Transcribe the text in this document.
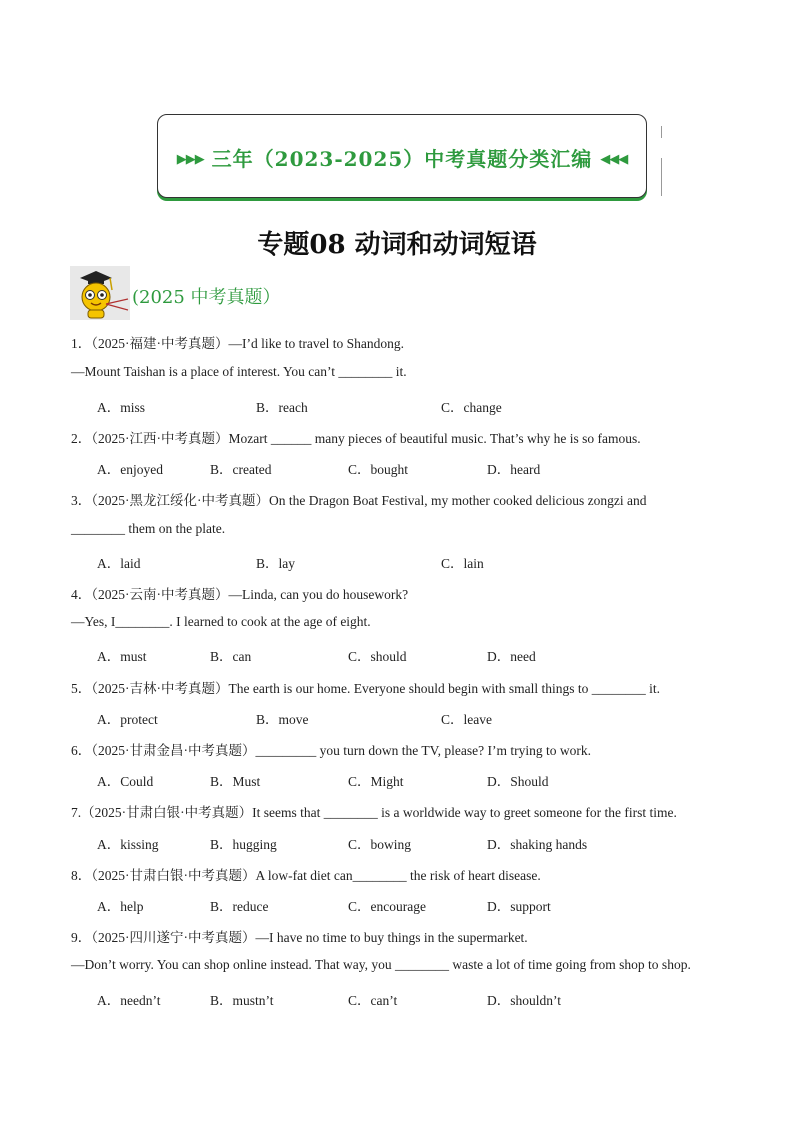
▶▶▶ 三年（2023-2025）中考真题分类汇编 ◀◀◀
专题08 动词和动词短语
(2025 中考真题）
1．（2025·福建·中考真题）—I’d like to travel to Shandong.
—Mount Taishan is a place of interest. You can’t ________ it.
A．miss	B．reach	C．change
2．（2025·江西·中考真题）Mozart ______ many pieces of beautiful music. That’s why he is so famous.
A．enjoyed	B．created	C．bought	D．heard
3．（2025·黑龙江绥化·中考真题）On the Dragon Boat Festival, my mother cooked delicious zongzi and
________ them on the plate.
A．laid	B．lay	C．lain
4．（2025·云南·中考真题）—Linda, can you do housework?
—Yes, I________. I learned to cook at the age of eight.
A．must	B．can	C．should	D．need
5．（2025·吉林·中考真题）The earth is our home. Everyone should begin with small things to ________ it.
A．protect	B．move	C．leave
6．（2025·甘肃金昌·中考真题）_________ you turn down the TV, please? I’m trying to work.
A．Could	B．Must	C．Might	D．Should
7.（2025·甘肃白银·中考真题）It seems that ________ is a worldwide way to greet someone for the first time.
A．kissing	B．hugging	C．bowing	D．shaking hands
8．（2025·甘肃白银·中考真题）A low-fat diet can________ the risk of heart disease.
A．help	B．reduce	C．encourage	D．support
9．（2025·四川遂宁·中考真题）—I have no time to buy things in the supermarket.
—Don’t worry. You can shop online instead. That way, you ________ waste a lot of time going from shop to shop.
A．needn’t	B．mustn’t	C．can’t	D．shouldn’t
